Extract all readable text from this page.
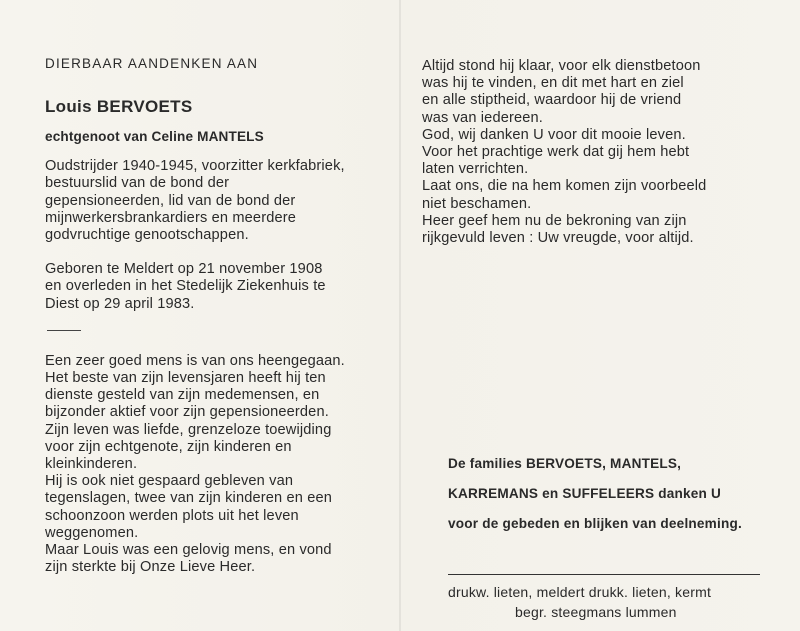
DIERBAAR AANDENKEN AAN
Louis BERVOETS
echtgenoot van Celine MANTELS
Oudstrijder 1940-1945, voorzitter kerkfabriek,
bestuurslid van de bond der
gepensioneerden, lid van de bond der
mijnwerkersbrankardiers en meerdere
godvruchtige genootschappen.
Geboren te Meldert op 21 november 1908
en overleden in het Stedelijk Ziekenhuis te
Diest op 29 april 1983.
Een zeer goed mens is van ons heengegaan.
Het beste van zijn levensjaren heeft hij ten
dienste gesteld van zijn medemensen, en
bijzonder aktief voor zijn gepensioneerden.
Zijn leven was liefde, grenzeloze toewijding
voor zijn echtgenote, zijn kinderen en
kleinkinderen.
Hij is ook niet gespaard gebleven van
tegenslagen, twee van zijn kinderen en een
schoonzoon werden plots uit het leven
weggenomen.
Maar Louis was een gelovig mens, en vond
zijn sterkte bij Onze Lieve Heer.
Altijd stond hij klaar, voor elk dienstbetoon
was hij te vinden, en dit met hart en ziel
en alle stiptheid, waardoor hij de vriend
was van iedereen.
God, wij danken U voor dit mooie leven.
Voor het prachtige werk dat gij hem hebt
laten verrichten.
Laat ons, die na hem komen zijn voorbeeld
niet beschamen.
Heer geef hem nu de bekroning van zijn
rijkgevuld leven : Uw vreugde, voor altijd.
De families BERVOETS, MANTELS,
KARREMANS en SUFFELEERS danken U
voor de gebeden en blijken van deelneming.
drukw. lieten, meldert drukk. lieten, kermt
begr. steegmans lummen
